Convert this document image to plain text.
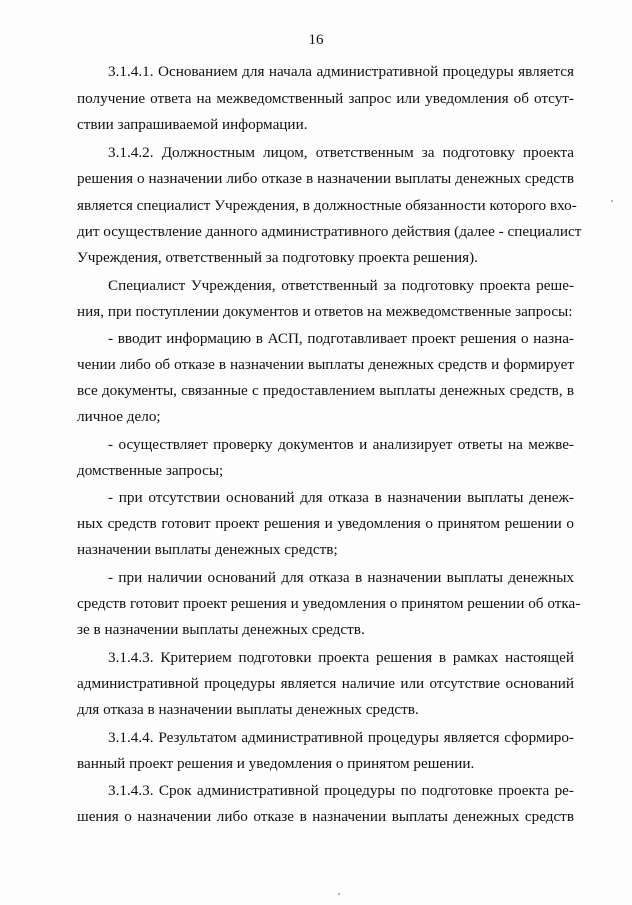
16
3.1.4.1. Основанием для начала административной процедуры является
получение ответа на межведомственный запрос или уведомления об отсут-
ствии запрашиваемой информации.
3.1.4.2. Должностным лицом, ответственным за подготовку проекта
решения о назначении либо отказе в назначении выплаты денежных средств
является специалист Учреждения, в должностные обязанности которого вхо-
дит осуществление данного административного действия (далее - специалист
Учреждения, ответственный за подготовку проекта решения).
Специалист Учреждения, ответственный за подготовку проекта реше-
ния, при поступлении документов и ответов на межведомственные запросы:
- вводит информацию в АСП, подготавливает проект решения о назна-
чении либо об отказе в назначении выплаты денежных средств и формирует
все документы, связанные с предоставлением выплаты денежных средств, в
личное дело;
- осуществляет проверку документов и анализирует ответы на межве-
домственные запросы;
- при отсутствии оснований для отказа в назначении выплаты денеж-
ных средств готовит проект решения и уведомления о принятом решении о
назначении выплаты денежных средств;
- при наличии оснований для отказа в назначении выплаты денежных
средств готовит проект решения и уведомления о принятом решении об отка-
зе в назначении выплаты денежных средств.
3.1.4.3. Критерием подготовки проекта решения в рамках настоящей
административной процедуры является наличие или отсутствие оснований
для отказа в назначении выплаты денежных средств.
3.1.4.4. Результатом административной процедуры является сформиро-
ванный проект решения и уведомления о принятом решении.
3.1.4.3. Срок административной процедуры по подготовке проекта ре-
шения о назначении либо отказе в назначении выплаты денежных средств
